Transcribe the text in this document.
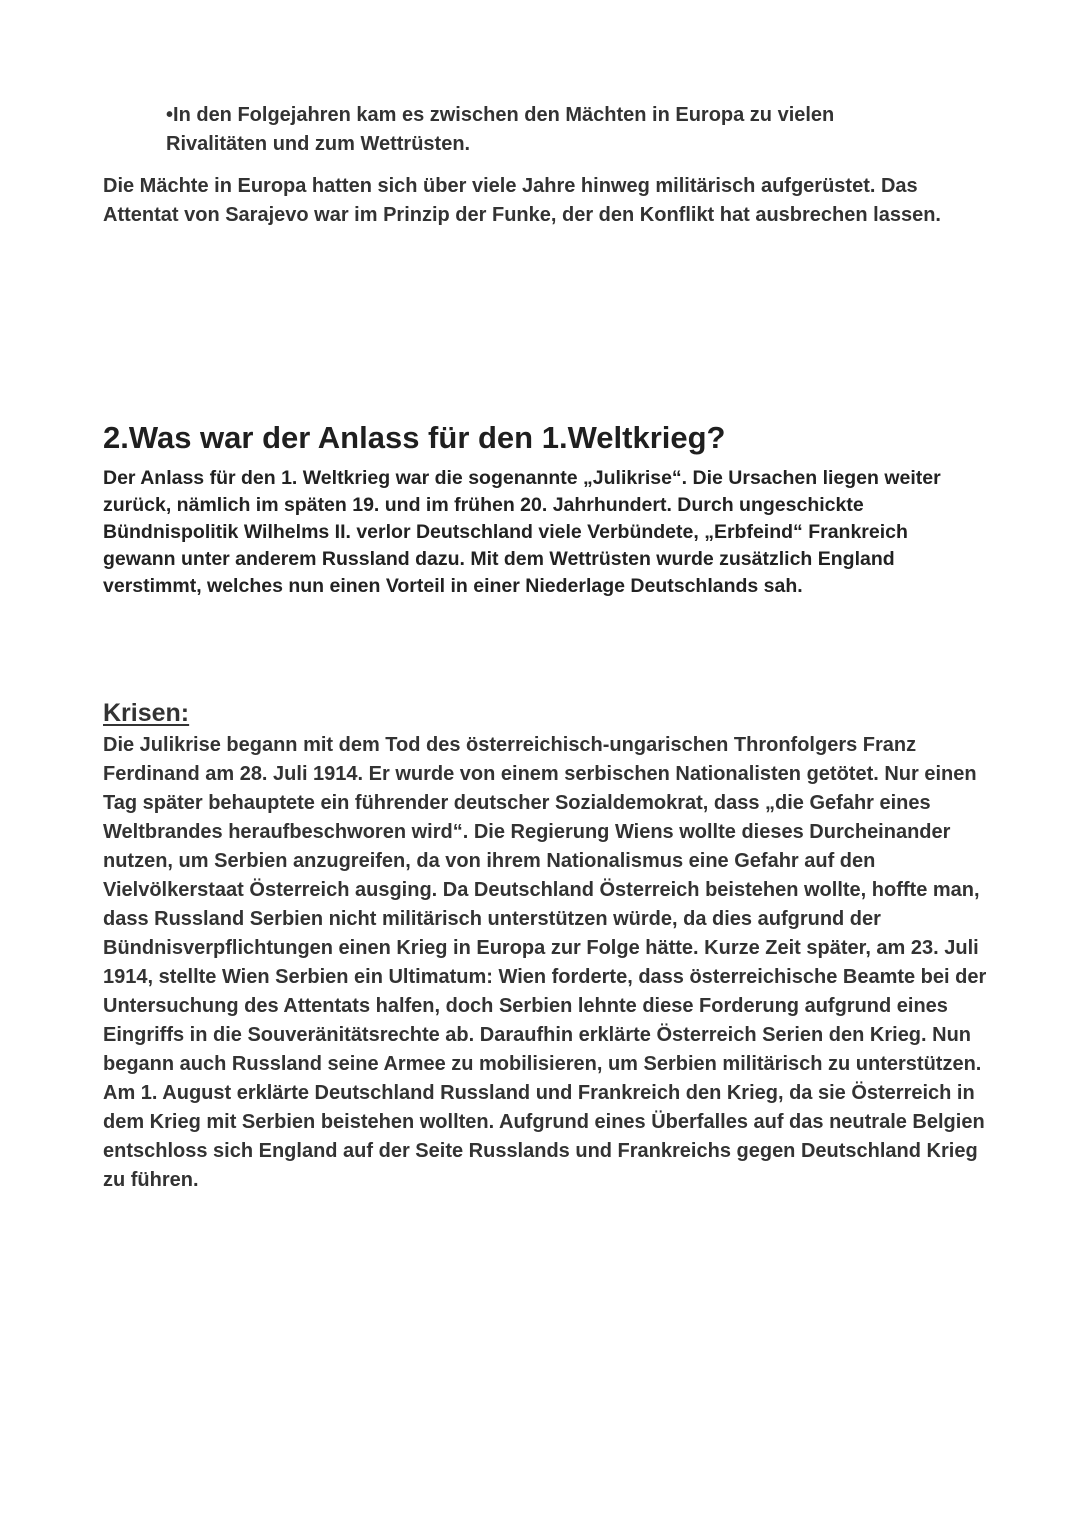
•In den Folgejahren kam es zwischen den Mächten in Europa zu vielen Rivalitäten und zum Wettrüsten.

Die Mächte in Europa hatten sich über viele Jahre hinweg militärisch aufgerüstet. Das Attentat von Sarajevo war im Prinzip der Funke, der den Konflikt hat ausbrechen lassen.

2.Was war der Anlass für den 1.Weltkrieg?

Der Anlass für den 1. Weltkrieg war die sogenannte „Julikrise“. Die Ursachen liegen weiter zurück, nämlich im späten 19. und im frühen 20. Jahrhundert. Durch ungeschickte Bündnispolitik Wilhelms II. verlor Deutschland viele Verbündete, „Erbfeind“ Frankreich gewann unter anderem Russland dazu. Mit dem Wettrüsten wurde zusätzlich England verstimmt, welches nun einen Vorteil in einer Niederlage Deutschlands sah.

Krisen:

Die Julikrise begann mit dem Tod des österreichisch-ungarischen Thronfolgers Franz Ferdinand am 28. Juli 1914. Er wurde von einem serbischen Nationalisten getötet. Nur einen Tag später behauptete ein führender deutscher Sozialdemokrat, dass „die Gefahr eines Weltbrandes heraufbeschworen wird“. Die Regierung Wiens wollte dieses Durcheinander nutzen, um Serbien anzugreifen, da von ihrem Nationalismus eine Gefahr auf den Vielvölkerstaat Österreich ausging. Da Deutschland Österreich beistehen wollte, hoffte man, dass Russland Serbien nicht militärisch unterstützen würde, da dies aufgrund der Bündnisverpflichtungen einen Krieg in Europa zur Folge hätte. Kurze Zeit später, am 23. Juli 1914, stellte Wien Serbien ein Ultimatum: Wien forderte, dass österreichische Beamte bei der Untersuchung des Attentats halfen, doch Serbien lehnte diese Forderung aufgrund eines Eingriffs in die Souveränitätsrechte ab. Daraufhin erklärte Österreich Serien den Krieg. Nun begann auch Russland seine Armee zu mobilisieren, um Serbien militärisch zu unterstützen. Am 1. August erklärte Deutschland Russland und Frankreich den Krieg, da sie Österreich in dem Krieg mit Serbien beistehen wollten. Aufgrund eines Überfalles auf das neutrale Belgien entschloss sich England auf der Seite Russlands und Frankreichs gegen Deutschland Krieg zu führen.
